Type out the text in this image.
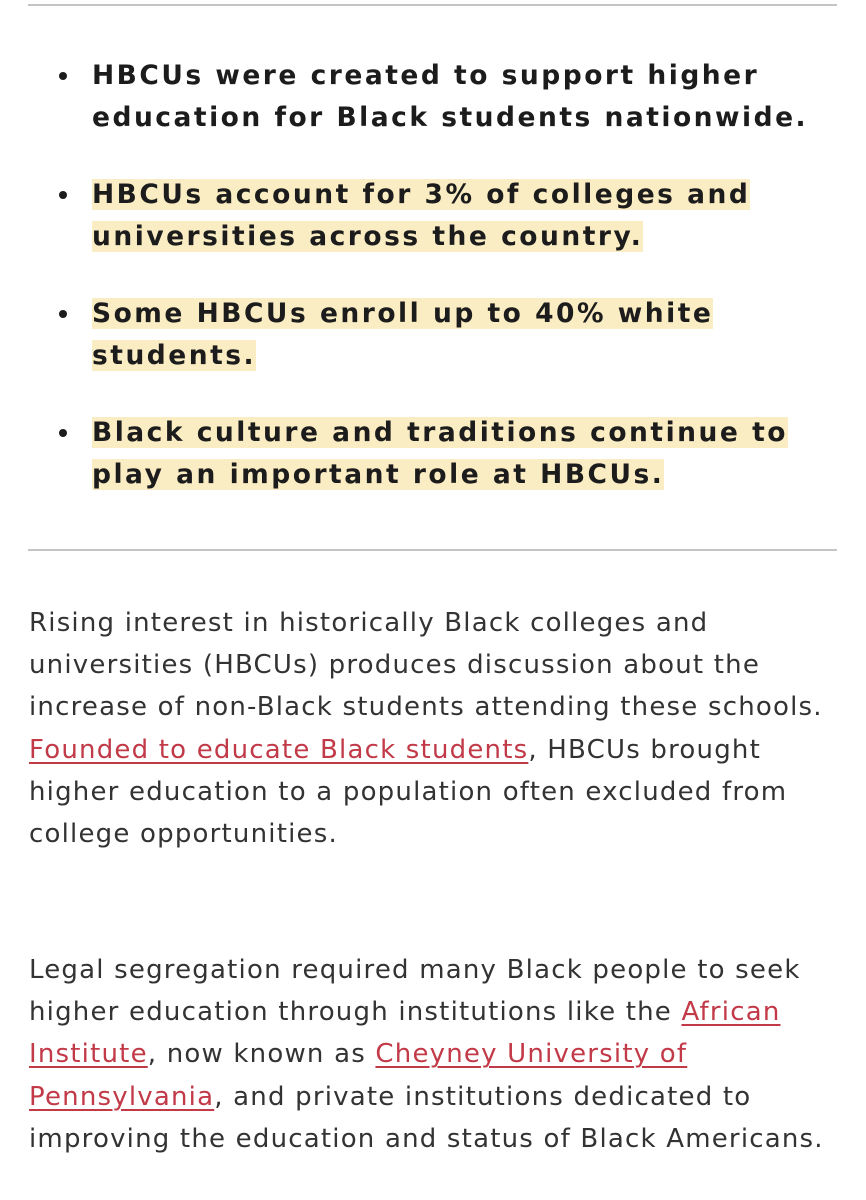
HBCUs were created to support higher education for Black students nationwide.
HBCUs account for 3% of colleges and universities across the country.
Some HBCUs enroll up to 40% white students.
Black culture and traditions continue to play an important role at HBCUs.

Rising interest in historically Black colleges and universities (HBCUs) produces discussion about the increase of non-Black students attending these schools. Founded to educate Black students, HBCUs brought higher education to a population often excluded from college opportunities.

Legal segregation required many Black people to seek higher education through institutions like the African Institute, now known as Cheyney University of Pennsylvania, and private institutions dedicated to improving the education and status of Black Americans.
